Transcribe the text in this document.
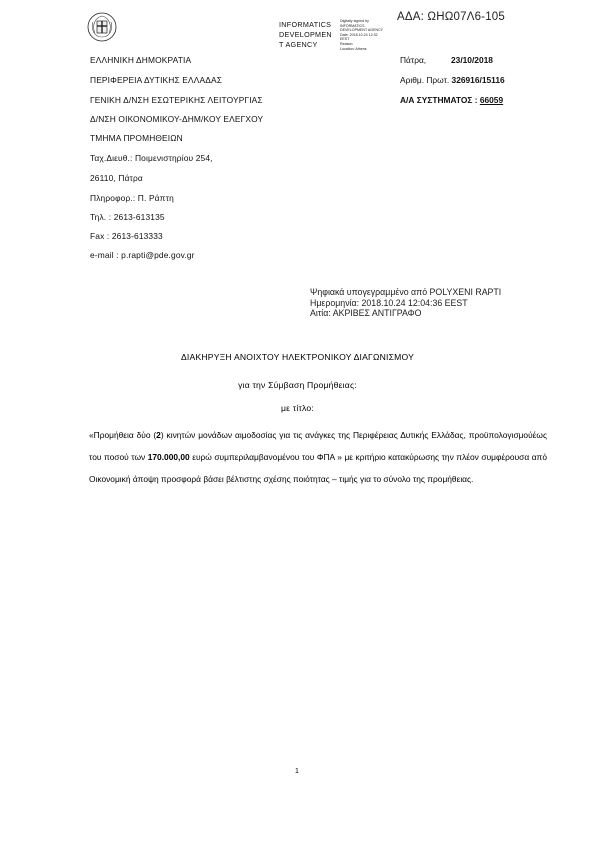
ΑΔΑ: ΩΗΩ07Λ6-105
INFORMATICS
DEVELOPMEN
T AGENCY
Digitally signed by
INFORMATICS
DEVELOPMENT AGENCY
Date: 2018.10.24 12:32
EEST
Reason:
Location: Athens
ΕΛΛΗΝΙΚΗ ΔΗΜΟΚΡΑΤΙΑ
ΠΕΡΙΦΕΡΕΙΑ ΔΥΤΙΚΗΣ ΕΛΛΑΔΑΣ
ΓΕΝΙΚΗ Δ/ΝΣΗ ΕΣΩΤΕΡΙΚΗΣ ΛΕΙΤΟΥΡΓΙΑΣ
Δ/ΝΣΗ ΟΙΚΟΝΟΜΙΚΟΥ-ΔΗΜ/ΚΟΥ ΕΛΕΓΧΟΥ
ΤΜΗΜΑ ΠΡΟΜΗΘΕΙΩΝ
Ταχ.Διευθ.: Ποιμενιστηρίου 254,
26110, Πάτρα
Πληροφορ.: Π. Ράπτη
Τηλ. : 2613-613135
Fax : 2613-613333
e-mail : p.rapti@pde.gov.gr
Πάτρα,	23/10/2018
Αριθμ. Πρωτ. 326916/15116
Α/Α ΣΥΣΤΗΜΑΤΟΣ : 66059
Ψηφιακά υπογεγραμμένο από POLYXENI RAPTI
Ημερομηνία: 2018.10.24 12:04:36 EEST
Αιτία: ΑΚΡΙΒΕΣ ΑΝΤΙΓΡΑΦΟ
ΔΙΑΚΗΡΥΞΗ ΑΝΟΙΧΤΟΥ ΗΛΕΚΤΡΟΝΙΚΟΥ ΔΙΑΓΩΝΙΣΜΟΥ
για την Σύμβαση Προμήθειας:
με τίτλο:
«Προμήθεια δύο (2) κινητών μονάδων αιμοδοσίας για τις ανάγκες της Περιφέρειας Δυτικής Ελλάδας, προϋπολογισμούέως του ποσού των 170.000,00 ευρώ συμπεριλαμβανομένου του ΦΠΑ » με κριτήριο κατακύρωσης την πλέον συμφέρουσα από Οικονομική άποψη προσφορά βάσει βέλτιστης σχέσης ποιότητας – τιμής για το σύνολο της προμήθειας.
1
